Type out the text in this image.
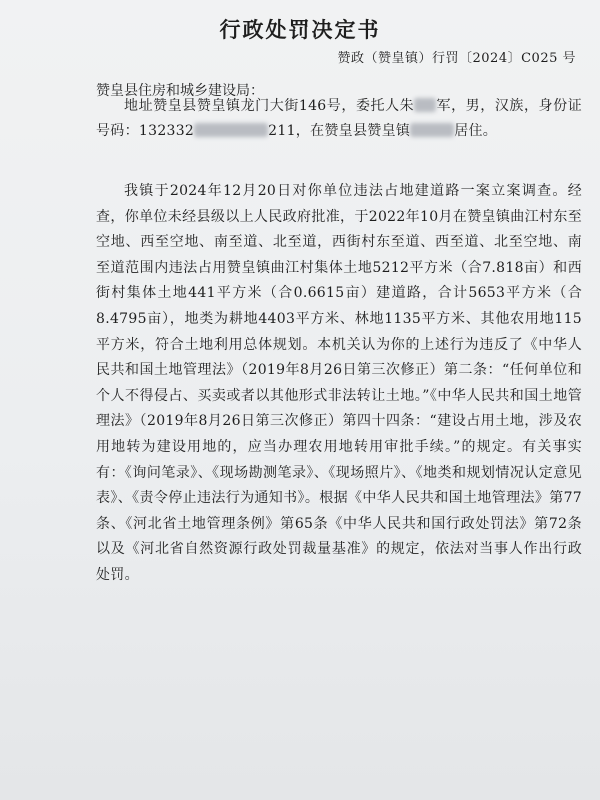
行政处罚决定书
赞政（赞皇镇）行罚〔2024〕C025 号
赞皇县住房和城乡建设局：
地址赞皇县赞皇镇龙门大街146号，委托人朱 军，男，汉族，身份证号码：132332	211，在赞皇县赞皇镇	居住。
我镇于2024年12月20日对你单位违法占地建道路一案立案调查。经查，你单位未经县级以上人民政府批准，于2022年10月在赞皇镇曲江村东至空地、西至空地、南至道、北至道，西街村东至道、西至道、北至空地、南至道范围内违法占用赞皇镇曲江村集体土地5212平方米（合7.818亩）和西街村集体土地441平方米（合0.6615亩）建道路，合计5653平方米（合8.4795亩），地类为耕地4403平方米、林地1135平方米、其他农用地115平方米，符合土地利用总体规划。本机关认为你的上述行为违反了《中华人民共和国土地管理法》（2019年8月26日第三次修正）第二条：“任何单位和个人不得侵占、买卖或者以其他形式非法转让土地。”《中华人民共和国土地管理法》（2019年8月26日第三次修正）第四十四条：“建设占用土地，涉及农用地转为建设用地的，应当办理农用地转用审批手续。”的规定。有关事实有：《询问笔录》、《现场勘测笔录》、《现场照片》、《地类和规划情况认定意见表》、《责令停止违法行为通知书》。根据《中华人民共和国土地管理法》第77条、《河北省土地管理条例》第65条《中华人民共和国行政处罚法》第72条以及《河北省自然资源行政处罚裁量基准》的规定，依法对当事人作出行政处罚。
